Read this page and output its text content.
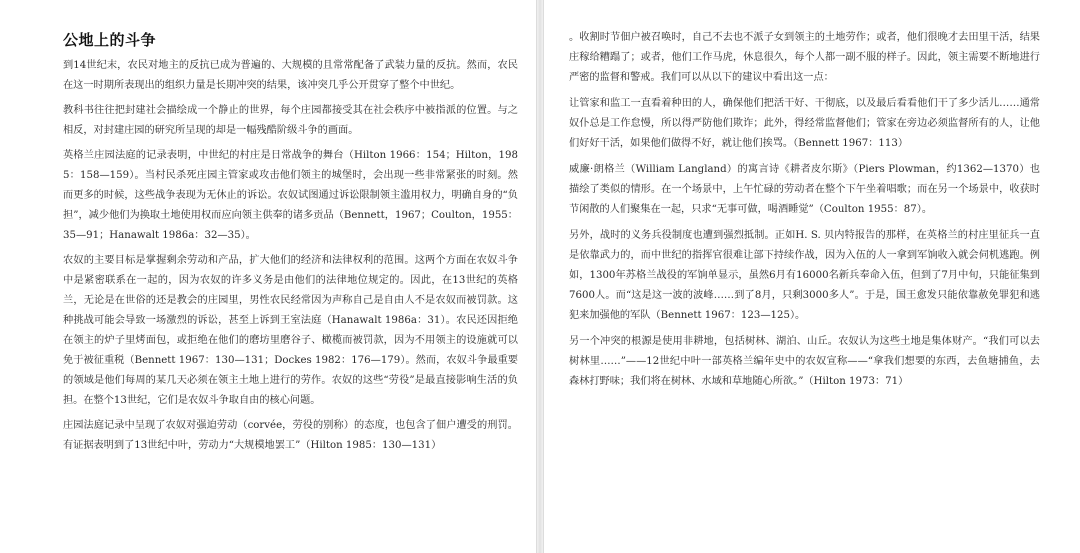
公地上的斗争

到14世纪末，农民对地主的反抗已成为普遍的、大规模的且常常配备了武装力量的反抗。然而，农民在这一时期所表现出的组织力量是长期冲突的结果，该冲突几乎公开贯穿了整个中世纪。

教科书往往把封建社会描绘成一个静止的世界，每个庄园都接受其在社会秩序中被指派的位置。与之相反，对封建庄园的研究所呈现的却是一幅残酷阶级斗争的画面。

英格兰庄园法庭的记录表明，中世纪的村庄是日常战争的舞台（Hilton 1966：154；Hilton，1985：158—159）。当村民杀死庄园主管家或攻击他们领主的城堡时，会出现一些非常紧张的时刻。然而更多的时候，这些战争表现为无休止的诉讼。农奴试图通过诉讼限制领主滥用权力，明确自身的“负担”，减少他们为换取土地使用权而应向领主供奉的诸多贡品（Bennett，1967；Coulton，1955：35—91；Hanawalt 1986a：32—35）。

农奴的主要目标是掌握剩余劳动和产品，扩大他们的经济和法律权利的范围。这两个方面在农奴斗争中是紧密联系在一起的，因为农奴的许多义务是由他们的法律地位规定的。因此，在13世纪的英格兰，无论是在世俗的还是教会的庄园里，男性农民经常因为声称自己是自由人不是农奴而被罚款。这种挑战可能会导致一场激烈的诉讼，甚至上诉到王室法庭（Hanawalt 1986a：31）。农民还因拒绝在领主的炉子里烤面包，或拒绝在他们的磨坊里磨谷子、橄榄而被罚款，因为不用领主的设施就可以免于被征重税（Bennett 1967：130—131；Dockes 1982：176—179）。然而，农奴斗争最重要的领域是他们每周的某几天必须在领主土地上进行的劳作。农奴的这些“劳役”是最直接影响生活的负担。在整个13世纪，它们是农奴斗争取自由的核心问题。

庄园法庭记录中呈现了农奴对强迫劳动（corvée，劳役的别称）的态度，也包含了佃户遭受的刑罚。有证据表明到了13世纪中叶，劳动力“大规模地罢工”（Hilton 1985：130—131）

。收割时节佃户被召唤时，自己不去也不派子女到领主的土地劳作；或者，他们很晚才去田里干活，结果庄稼给糟蹋了；或者，他们工作马虎，休息很久，每个人都一副不服的样子。因此，领主需要不断地进行严密的监督和警戒。我们可以从以下的建议中看出这一点：

让管家和监工一直看着种田的人，确保他们把活干好、干彻底，以及最后看看他们干了多少活儿……通常奴仆总是工作怠慢，所以得严防他们欺诈；此外，得经常监督他们；管家在旁边必须监督所有的人，让他们好好干活，如果他们做得不好，就让他们挨骂。（Bennett 1967：113）

威廉·朗格兰（William Langland）的寓言诗《耕者皮尔斯》（Piers Plowman，约1362—1370）也描绘了类似的情形。在一个场景中，上午忙碌的劳动者在整个下午坐着唱歌；而在另一个场景中，收获时节闲散的人们聚集在一起，只求“无事可做，喝酒睡觉”（Coulton 1955：87）。

另外，战时的义务兵役制度也遭到强烈抵制。正如H. S. 贝内特报告的那样，在英格兰的村庄里征兵一直是依靠武力的，而中世纪的指挥官很难让部下持续作战，因为入伍的人一拿到军饷收入就会伺机逃跑。例如，1300年苏格兰战役的军饷单显示，虽然6月有16000名新兵奉命入伍，但到了7月中旬，只能征集到7600人。而“这是这一波的波峰……到了8月，只剩3000多人”。于是，国王愈发只能依靠赦免罪犯和逃犯来加强他的军队（Bennett 1967：123—125）。

另一个冲突的根源是使用非耕地，包括树林、湖泊、山丘。农奴认为这些土地是集体财产。“我们可以去树林里……”——12世纪中叶一部英格兰编年史中的农奴宣称——“拿我们想要的东西，去鱼塘捕鱼，去森林打野味；我们将在树林、水域和草地随心所欲。”（Hilton 1973：71）
